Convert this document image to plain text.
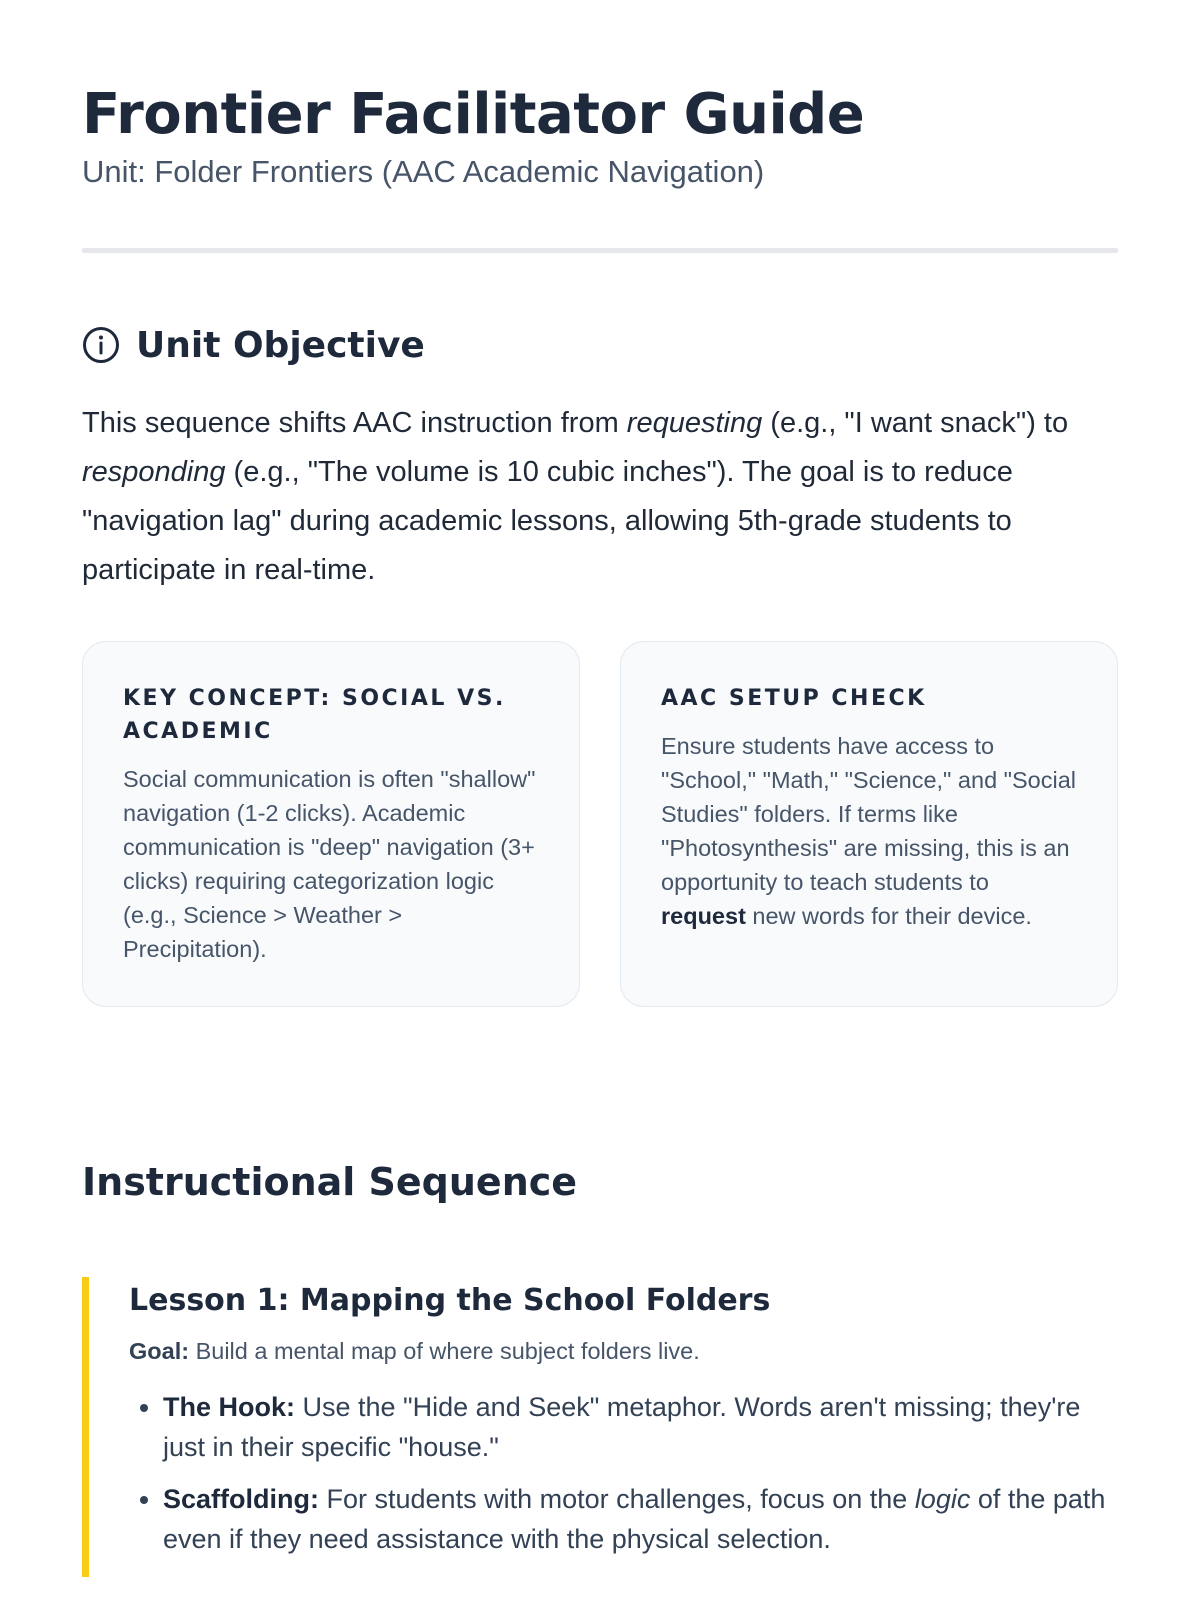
Frontier Facilitator Guide

Unit: Folder Frontiers (AAC Academic Navigation)

Unit Objective

This sequence shifts AAC instruction from requesting (e.g., "I want snack") to responding (e.g., "The volume is 10 cubic inches"). The goal is to reduce "navigation lag" during academic lessons, allowing 5th-grade students to participate in real-time.

KEY CONCEPT: SOCIAL VS. ACADEMIC

Social communication is often "shallow" navigation (1-2 clicks). Academic communication is "deep" navigation (3+ clicks) requiring categorization logic (e.g., Science > Weather > Precipitation).

AAC SETUP CHECK

Ensure students have access to "School," "Math," "Science," and "Social Studies" folders. If terms like "Photosynthesis" are missing, this is an opportunity to teach students to request new words for their device.

Instructional Sequence
Lesson 1: Mapping the School Folders

Goal: Build a mental map of where subject folders live.

• The Hook: Use the "Hide and Seek" metaphor. Words aren't missing; they're just in their specific "house."
• Scaffolding: For students with motor challenges, focus on the logic of the path even if they need assistance with the physical selection.
